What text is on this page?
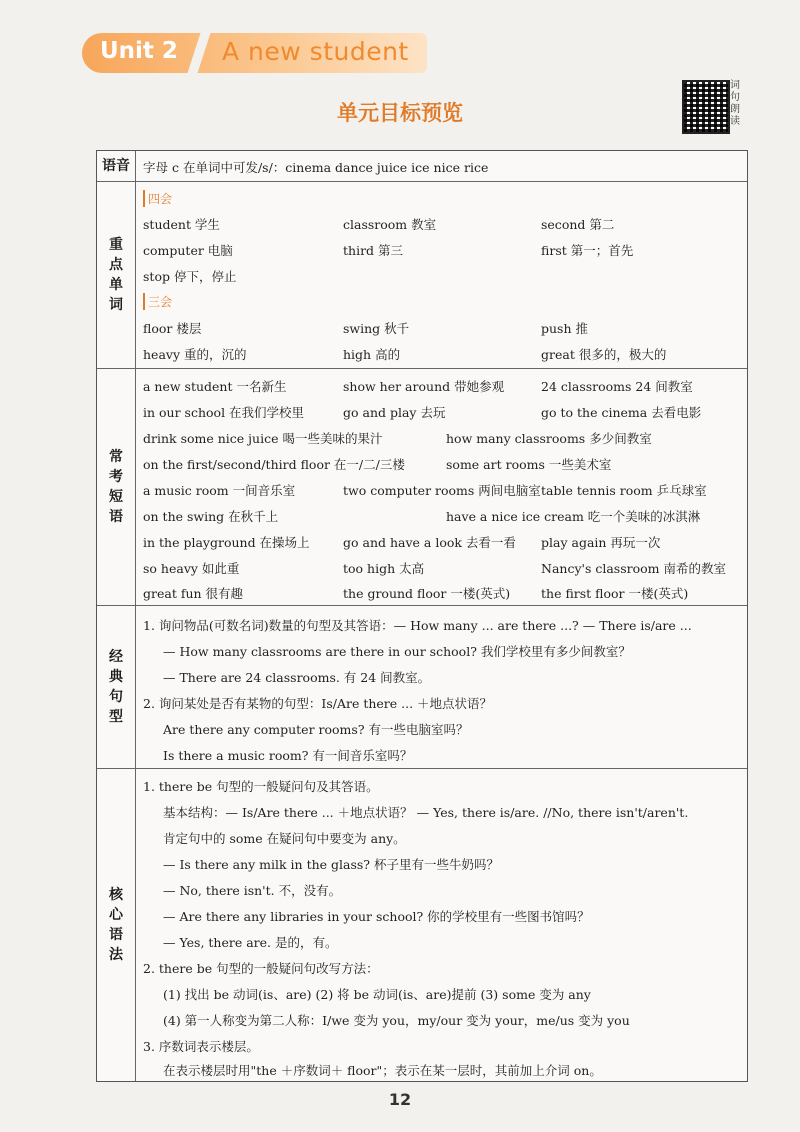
Unit 2 A new student
单元目标预览
词句朗读
语音 字母 c 在单词中可发/s/：cinema dance juice ice nice rice
重点单词
四会
student 学生	classroom 教室	second 第二
computer 电脑	third 第三	first 第一；首先
stop 停下，停止
三会
floor 楼层	swing 秋千	push 推
heavy 重的，沉的	high 高的	great 很多的，极大的
常考短语
a new student 一名新生	show her around 带她参观	24 classrooms 24 间教室
in our school 在我们学校里	go and play 去玩	go to the cinema 去看电影
drink some nice juice 喝一些美味的果汁	how many classrooms 多少间教室
on the first/second/third floor 在一/二/三楼	some art rooms 一些美术室
a music room 一间音乐室	two computer rooms 两间电脑室 table tennis room 乒乓球室
on the swing 在秋千上	have a nice ice cream 吃一个美味的冰淇淋
in the playground 在操场上	go and have a look 去看一看 play again 再玩一次
so heavy 如此重	too high 太高	Nancy's classroom 南希的教室
great fun 很有趣	the ground floor 一楼(英式) the first floor 一楼(英式)
经典句型
1. 询问物品(可数名词)数量的句型及其答语：— How many ... are there ...? — There is/are ...
— How many classrooms are there in our school? 我们学校里有多少间教室？
— There are 24 classrooms. 有 24 间教室。
2. 询问某处是否有某物的句型：Is/Are there ... ＋地点状语？
Are there any computer rooms? 有一些电脑室吗？
Is there a music room? 有一间音乐室吗？
核心语法
1. there be 句型的一般疑问句及其答语。
基本结构：— Is/Are there ... ＋地点状语？ — Yes, there is/are. //No, there isn't/aren't.
肯定句中的 some 在疑问句中要变为 any。
— Is there any milk in the glass? 杯子里有一些牛奶吗？
— No, there isn't. 不，没有。
— Are there any libraries in your school? 你的学校里有一些图书馆吗？
— Yes, there are. 是的，有。
2. there be 句型的一般疑问句改写方法：
(1) 找出 be 动词(is、are) (2) 将 be 动词(is、are)提前 (3) some 变为 any
(4) 第一人称变为第二人称：I/we 变为 you，my/our 变为 your，me/us 变为 you
3. 序数词表示楼层。
在表示楼层时用"the ＋序数词＋ floor"；表示在某一层时，其前加上介词 on。
12
